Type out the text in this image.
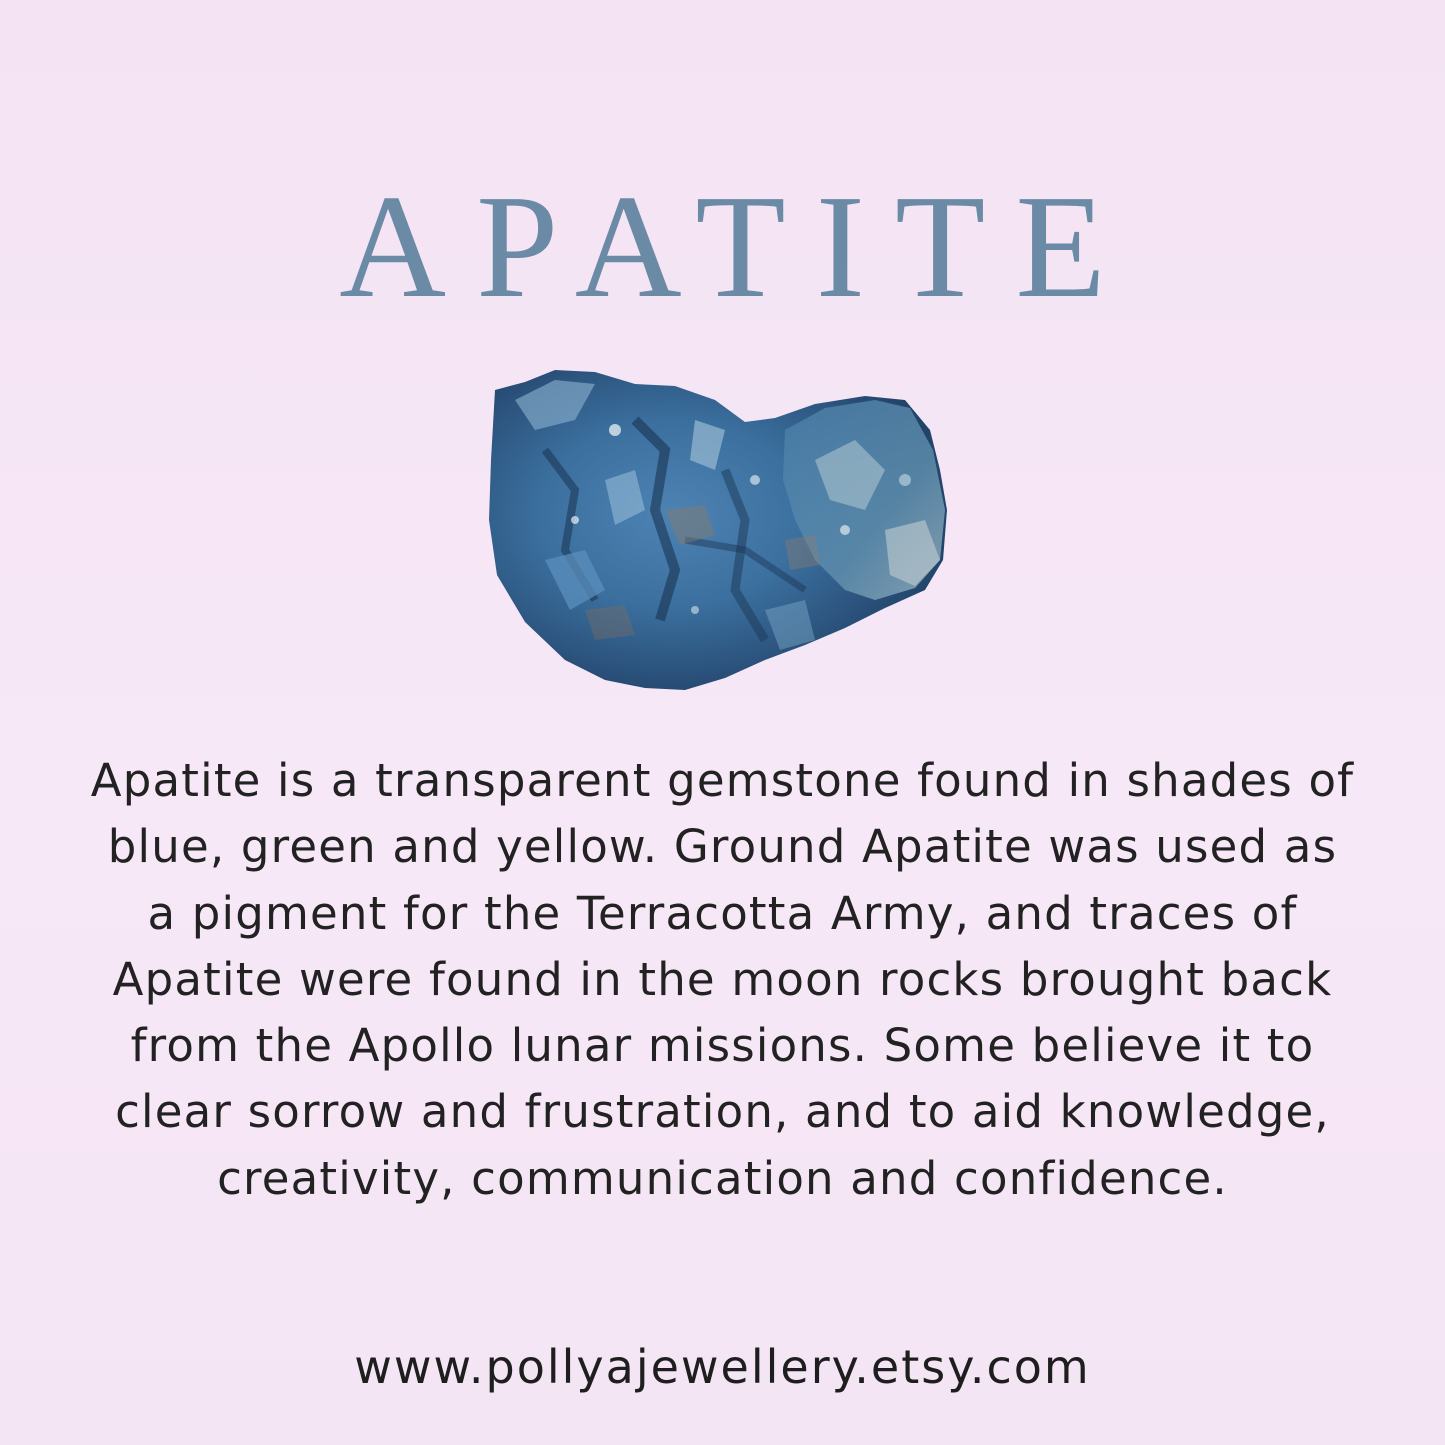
APATITE
Apatite is a transparent gemstone found in shades of blue, green and yellow. Ground Apatite was used as a pigment for the Terracotta Army, and traces of Apatite were found in the moon rocks brought back from the Apollo lunar missions. Some believe it to clear sorrow and frustration, and to aid knowledge, creativity, communication and confidence.
www.pollyajewellery.etsy.com
